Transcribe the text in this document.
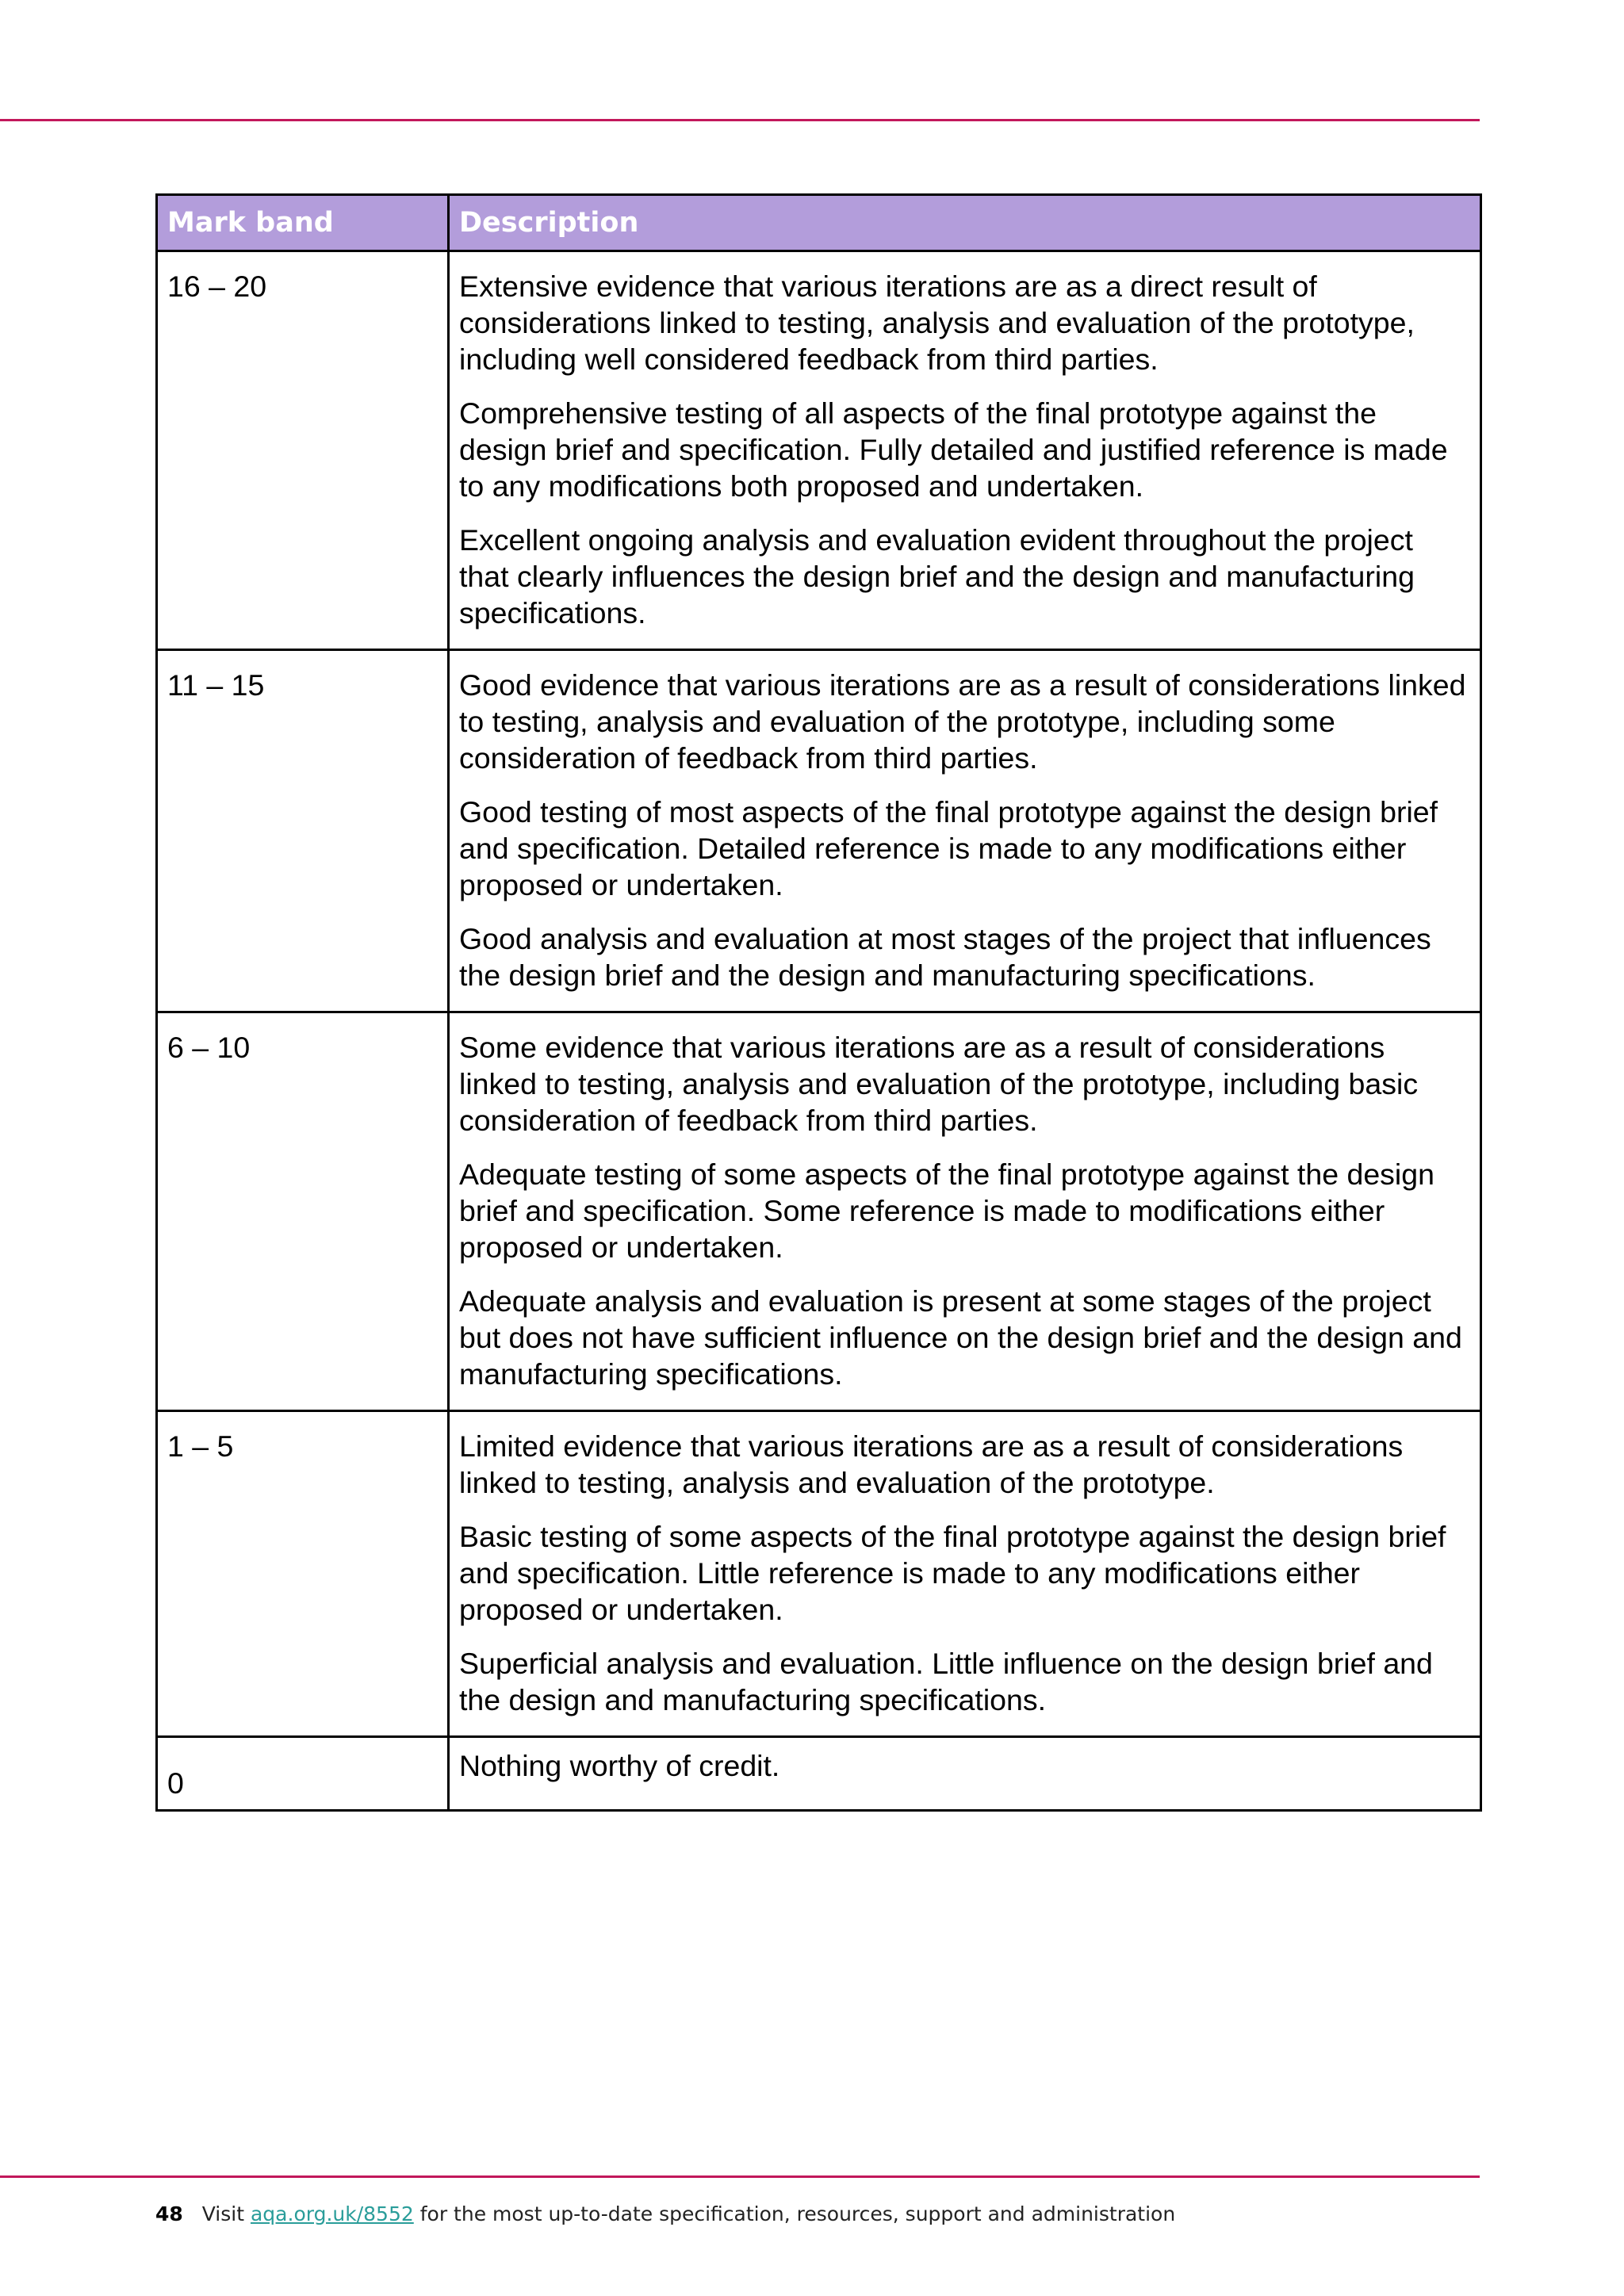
Mark band	Description
16 – 20	Extensive evidence that various iterations are as a direct result of considerations linked to testing, analysis and evaluation of the prototype, including well considered feedback from third parties.

Comprehensive testing of all aspects of the final prototype against the design brief and specification. Fully detailed and justified reference is made to any modifications both proposed and undertaken.

Excellent ongoing analysis and evaluation evident throughout the project that clearly influences the design brief and the design and manufacturing specifications.

11 – 15	Good evidence that various iterations are as a result of considerations linked to testing, analysis and evaluation of the prototype, including some consideration of feedback from third parties.

Good testing of most aspects of the final prototype against the design brief and specification. Detailed reference is made to any modifications either proposed or undertaken.

Good analysis and evaluation at most stages of the project that influences the design brief and the design and manufacturing specifications.

6 – 10	Some evidence that various iterations are as a result of considerations linked to testing, analysis and evaluation of the prototype, including basic consideration of feedback from third parties.

Adequate testing of some aspects of the final prototype against the design brief and specification. Some reference is made to modifications either proposed or undertaken.

Adequate analysis and evaluation is present at some stages of the project but does not have sufficient influence on the design brief and the design and manufacturing specifications.

1 – 5	Limited evidence that various iterations are as a result of considerations linked to testing, analysis and evaluation of the prototype.

Basic testing of some aspects of the final prototype against the design brief and specification. Little reference is made to any modifications either proposed or undertaken.

Superficial analysis and evaluation. Little influence on the design brief and the design and manufacturing specifications.

0	Nothing worthy of credit.

48 Visit aqa.org.uk/8552 for the most up-to-date specification, resources, support and administration
